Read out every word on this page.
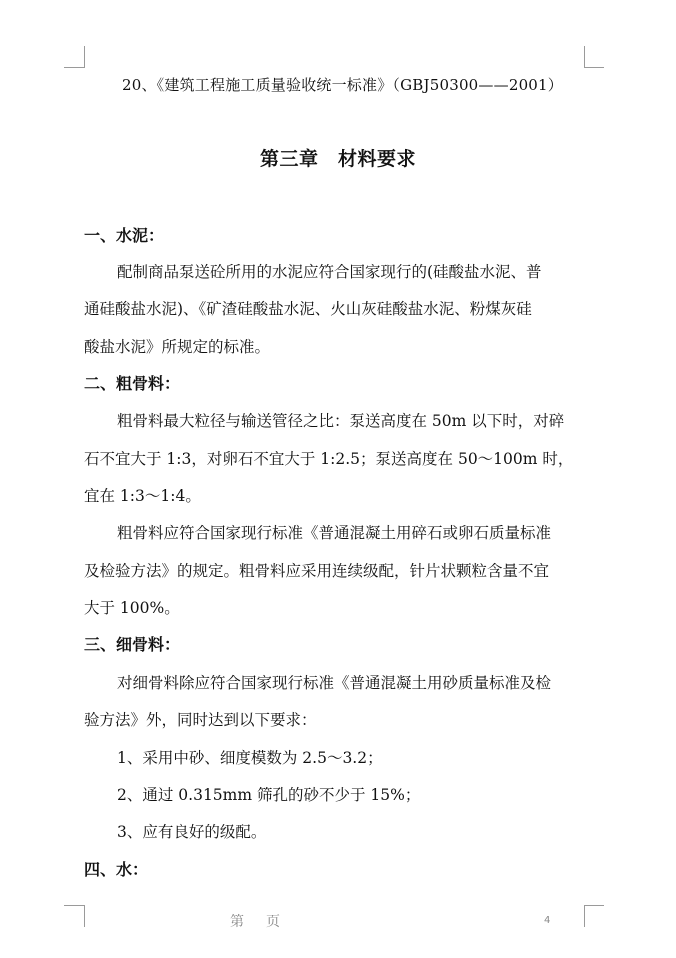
20、《建筑工程施工质量验收统一标准》（GBJ50300——2001）
第三章　材料要求
一、水泥：
配制商品泵送砼所用的水泥应符合国家现行的(硅酸盐水泥、普
通硅酸盐水泥)、《矿渣硅酸盐水泥、火山灰硅酸盐水泥、粉煤灰硅
酸盐水泥》所规定的标准。
二、粗骨料：
粗骨料最大粒径与输送管径之比：泵送高度在 50m 以下时，对碎
石不宜大于 1:3，对卵石不宜大于 1:2.5；泵送高度在 50～100m 时，
宜在 1:3～1:4。
粗骨料应符合国家现行标准《普通混凝土用碎石或卵石质量标准
及检验方法》的规定。粗骨料应采用连续级配，针片状颗粒含量不宜
大于 100%。
三、细骨料：
对细骨料除应符合国家现行标准《普通混凝土用砂质量标准及检
验方法》外，同时达到以下要求：
1、采用中砂、细度模数为 2.5～3.2；
2、通过 0.315mm 筛孔的砂不少于 15%；
3、应有良好的级配。
四、水：
第 页	4
